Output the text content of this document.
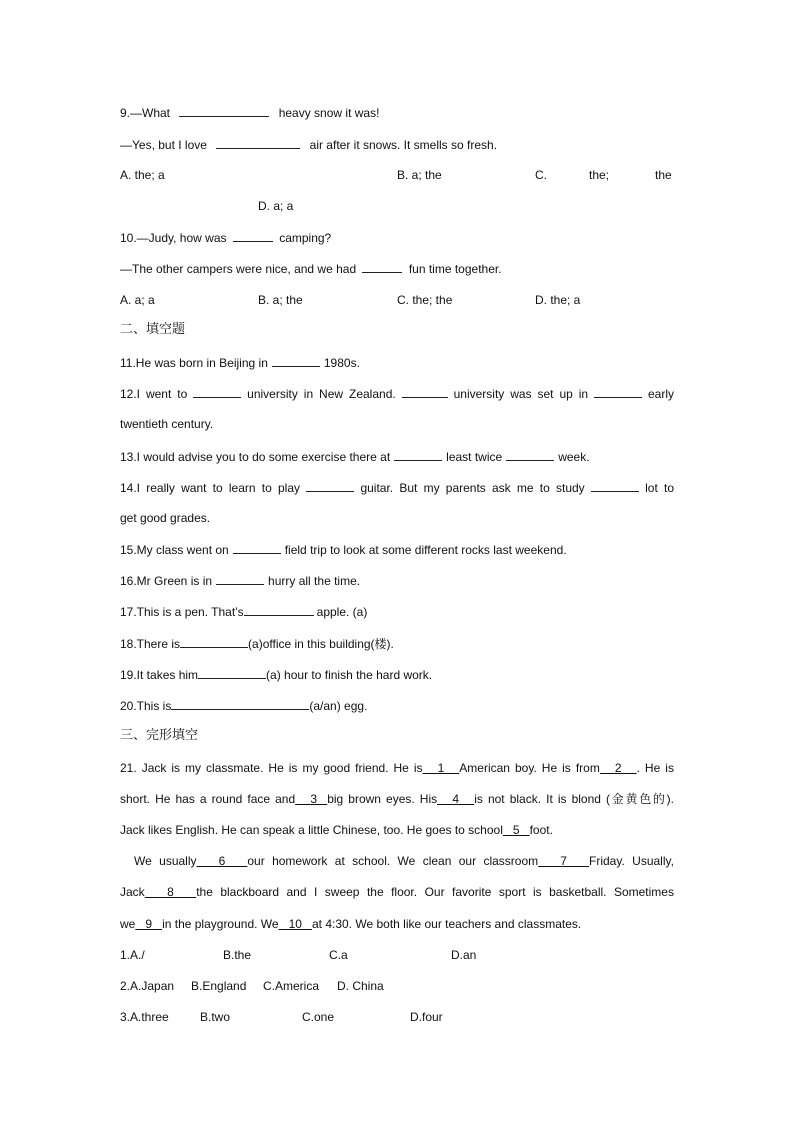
9.—What	heavy snow it was!
—Yes, but I love	air after it snows. It smells so fresh.
A. the; a	B. a; the	C.	the;	the
D. a; a
10.—Judy, how was	camping?
—The other campers were nice, and we had	fun time together.
A. a; a	B. a; the	C. the; the	D. the; a
二、填空题
11.He was born in Beijing in	1980s.
12.I went to	university in New Zealand.	university was set up in	early
twentieth century.
13.I would advise you to do some exercise there at	least twice	week.
14.I really want to learn to play	guitar. But my parents ask me to study	lot to
get good grades.
15.My class went on	field trip to look at some different rocks last weekend.
16.Mr Green is in	hurry all the time.
17.This is a pen. That’s	apple. (a)
18.There is	(a)office in this building(楼).
19.It takes him	(a) hour to finish the hard work.
20.This is	(a/an) egg.
三、完形填空
21. Jack is my classmate. He is my good friend. He is 1 American boy. He is from 2 . He is
short. He has a round face and 3 big brown eyes. His 4 is not black. It is blond (金黄色的).
Jack likes English. He can speak a little Chinese, too. He goes to school 5 foot.
We usually 6 our homework at school. We clean our classroom 7 Friday. Usually,
Jack 8 the blackboard and I sweep the floor. Our favorite sport is basketball. Sometimes
we 9 in the playground. We 10 at 4:30. We both like our teachers and classmates.
1.A./	B.the	C.a	D.an
2.A.Japan B.England C.America D. China
3.A.three	B.two	C.one	D.four
